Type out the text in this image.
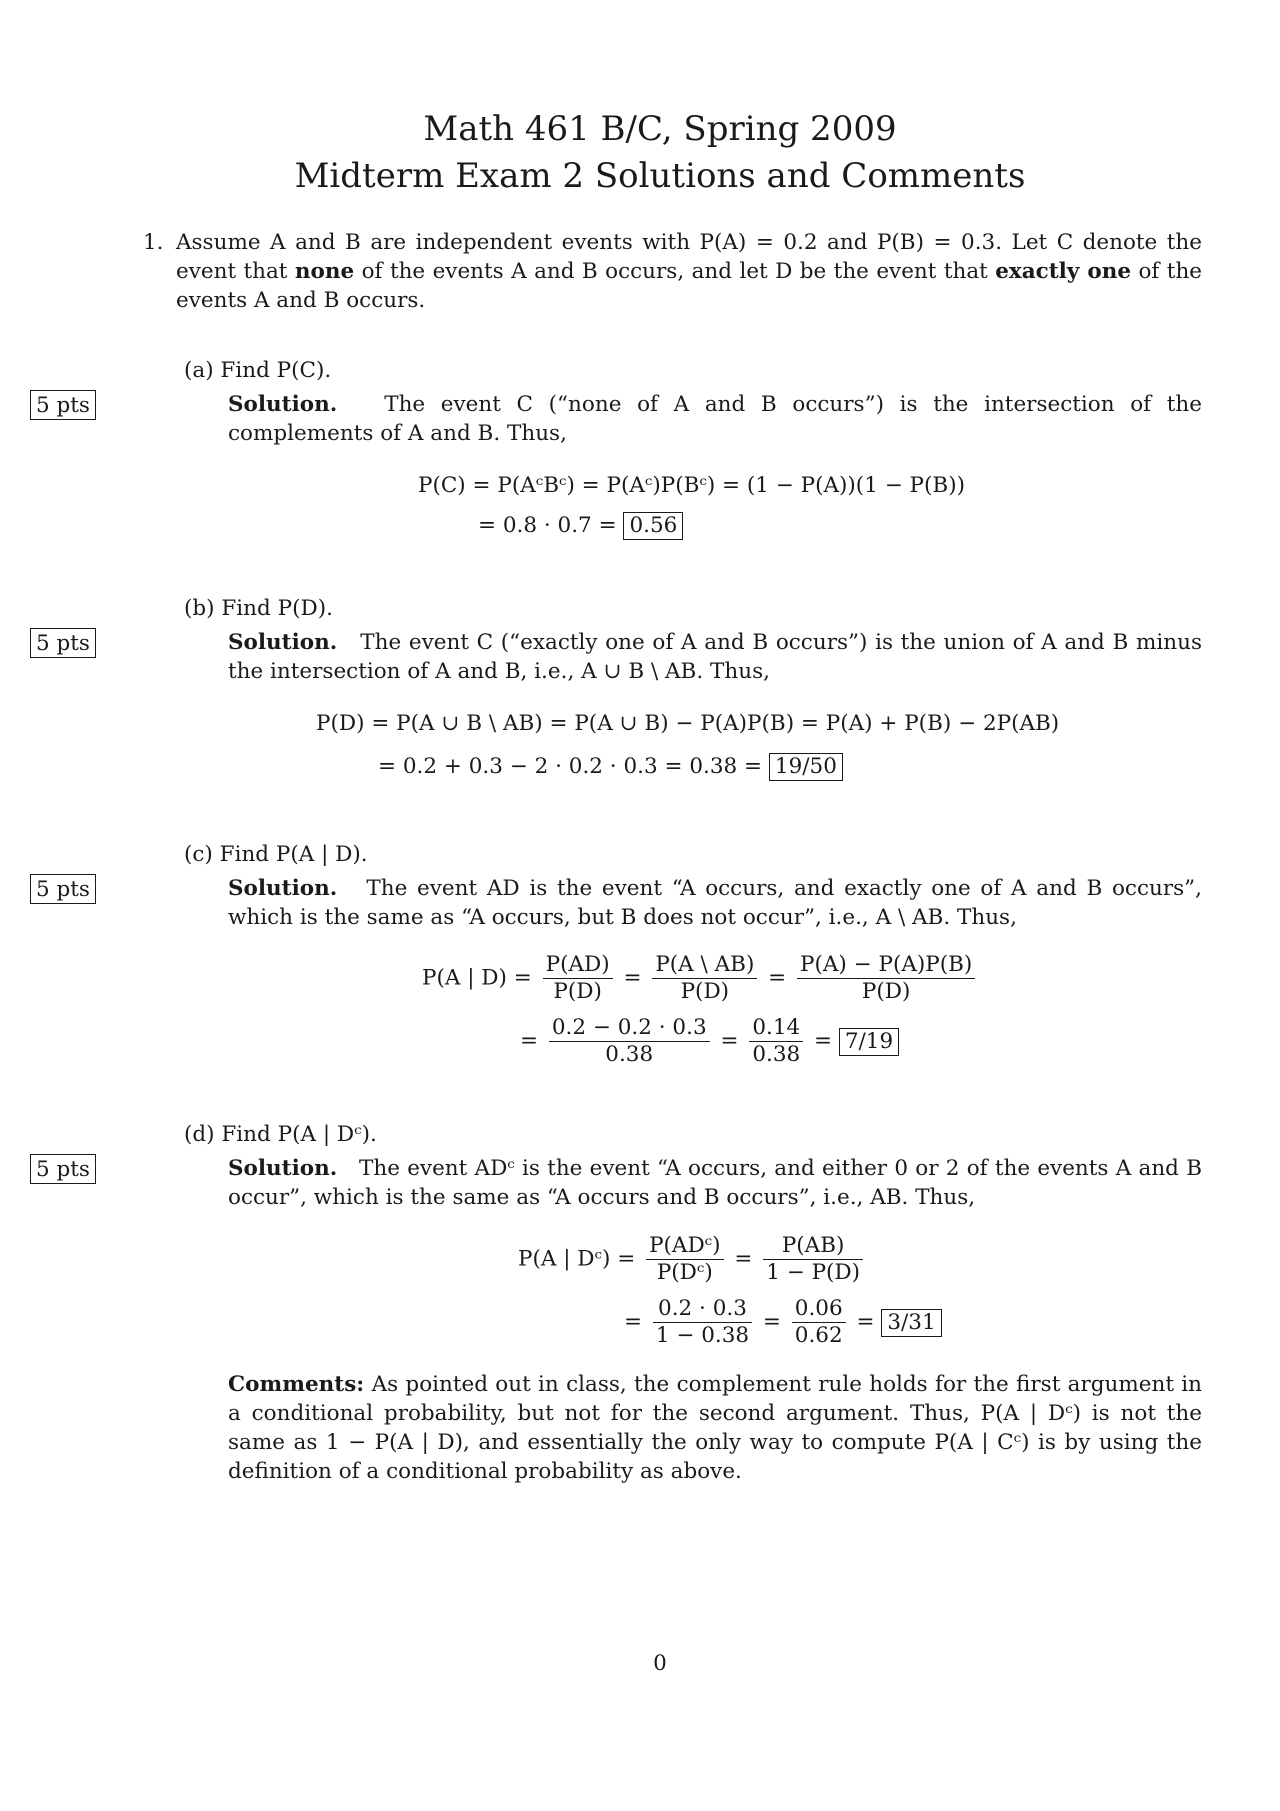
Math 461 B/C, Spring 2009
Midterm Exam 2 Solutions and Comments
1. Assume A and B are independent events with P(A) = 0.2 and P(B) = 0.3. Let C denote the event that none of the events A and B occurs, and let D be the event that exactly one of the events A and B occurs.
(a) Find P(C).
5 pts	Solution. The event C (“none of A and B occurs”) is the intersection of the complements of A and B. Thus,
P(C) = P(AᶜBᶜ) = P(Aᶜ)P(Bᶜ) = (1 − P(A))(1 − P(B))
= 0.8 · 0.7 = 0.56
(b) Find P(D).
5 pts	Solution. The event C (“exactly one of A and B occurs”) is the union of A and B minus the intersection of A and B, i.e., A ∪ B \ AB. Thus,
P(D) = P(A ∪ B \ AB) = P(A ∪ B) − P(A)P(B) = P(A) + P(B) − 2P(AB)
= 0.2 + 0.3 − 2 · 0.2 · 0.3 = 0.38 = 19/50
(c) Find P(A | D).
5 pts	Solution. The event AD is the event “A occurs, and exactly one of A and B occurs”, which is the same as “A occurs, but B does not occur”, i.e., A \ AB. Thus,
P(A | $D) = \frac{P(AD)}{P(D)} = \frac{P(A \backslash AB)}{P(D)} = \frac{P(A) - P(A)P(B)}{P(D)}$
= $\frac{0.2 - 0.2 \cdot 0.3}{0.38} = \frac{0.14}{0.38} = 7/19$
(d) Find P(A | Dᶜ).
5 pts	Solution. The event ADᶜ is the event “A occurs, and either 0 or 2 of the events A and B occur”, which is the same as “A occurs and B occurs”, i.e., AB. Thus,
P(A | Dᶜ) = $\frac{\text{P(ADᶜ)}}{\text{P(Dᶜ)}} = \frac{P(AB)}{1 - P(D)}$
= $\frac{0.2 \cdot 0.3}{1 - 0.38} = \frac{0.06}{0.62} = 3/31$
Comments: As pointed out in class, the complement rule holds for the first argument in a conditional probability, but not for the second argument. Thus, P(A | Dᶜ) is not the same as 1 − P(A | D), and essentially the only way to compute P(A | Cᶜ) is by using the definition of a conditional probability as above.
0
